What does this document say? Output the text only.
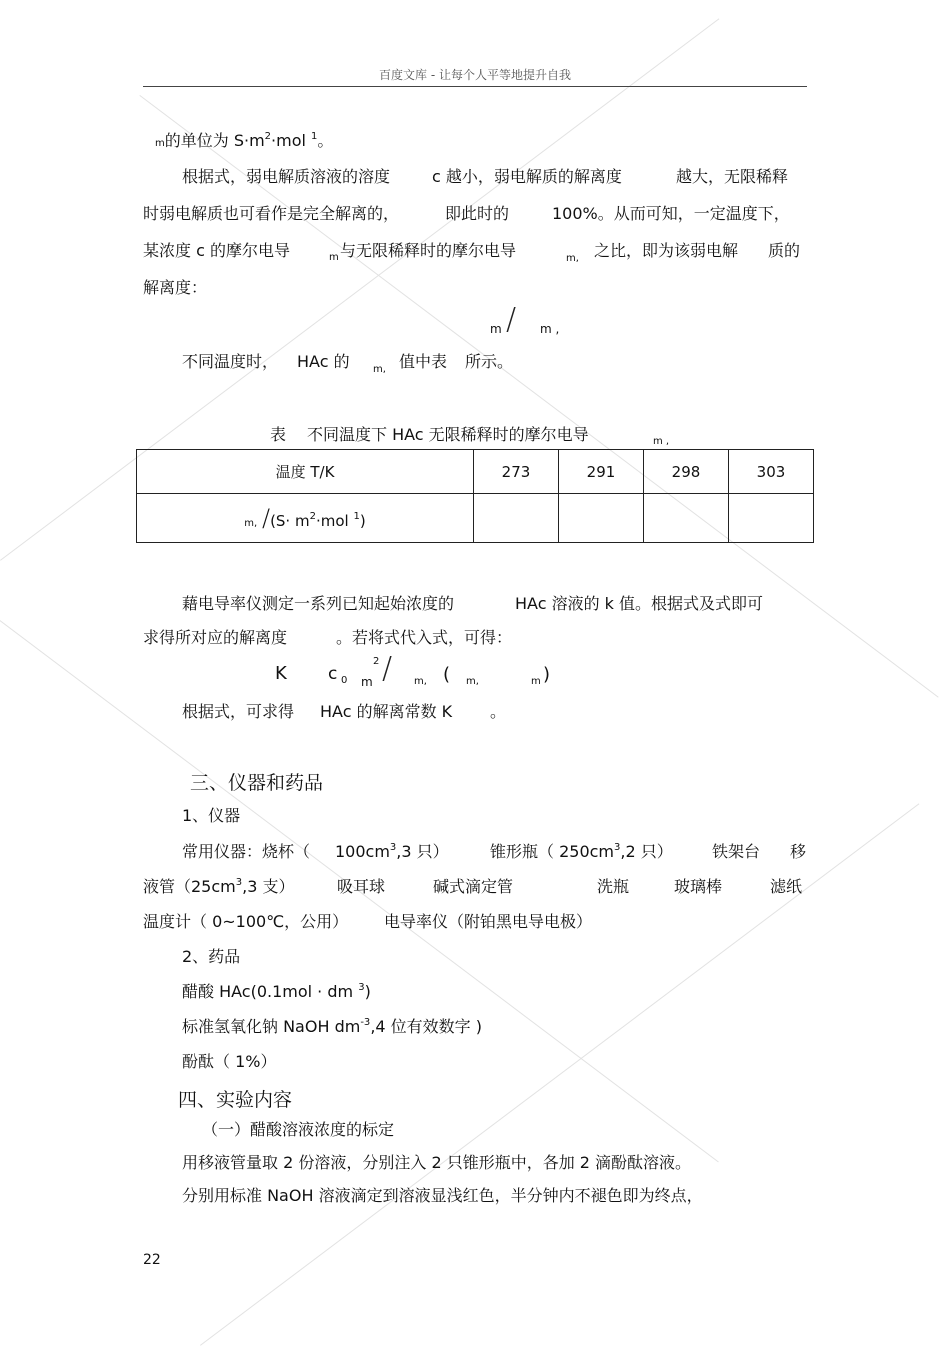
百度文库 - 让每个人平等地提升自我
m的单位为 $S\cdot m^2\cdot mol$ $^1$。
根据式，弱电解质溶液的溶度	c 越小，弱电解质的解离度	越大，无限稀释
时弱电解质也可看作是完全解离的，	即此时的	100%。从而可知，一定温度下，
某浓度 c 的摩尔电导	m 与无限稀释时的摩尔电导	m, 之比，即为该弱电解 质的
解离度：
m / m ,
不同温度时， HAc 的 m, 值中表 所示。
表 不同温度下 HAc 无限稀释时的摩尔电导	m ,
温度 T/K	273	291	298	303
m, $/(S\cdot m^2\cdot mol$ $^1$)				
藉电导率仪测定一系列已知起始浓度的	HAc 溶液的 k 值。根据式及式即可
求得所对应的解离度	。若将式代入式，可得：
K c 0 m
2 / m, ( m,	m )
根据式，可求得 HAc 的解离常数 K 。
三、仪器和药品
1、仪器
常用仪器：烧杯（ $100cm^3,3$ 只）	锥形瓶（ $250cm^3,2$ 只） 铁架台 移
液管（$25cm^3,3$ 支）	吸耳球	碱式滴定管	洗瓶	玻璃棒	滤纸
温度计（ 0~100℃，公用） 电导率仪（附铂黑电导电极）
2、药品
醋酸 HAc(0.1mol · dm $^3$)
标准氢氧化钠 NaOH $dm^{-3},4$ 位有效数字 )
酚酞（ 1%）
四、实验内容
（一）醋酸溶液浓度的标定
用移液管量取 2 份溶液，分别注入 2 只锥形瓶中，各加 2 滴酚酞溶液。
分别用标准 NaOH 溶液滴定到溶液显浅红色，半分钟内不褪色即为终点，
22
